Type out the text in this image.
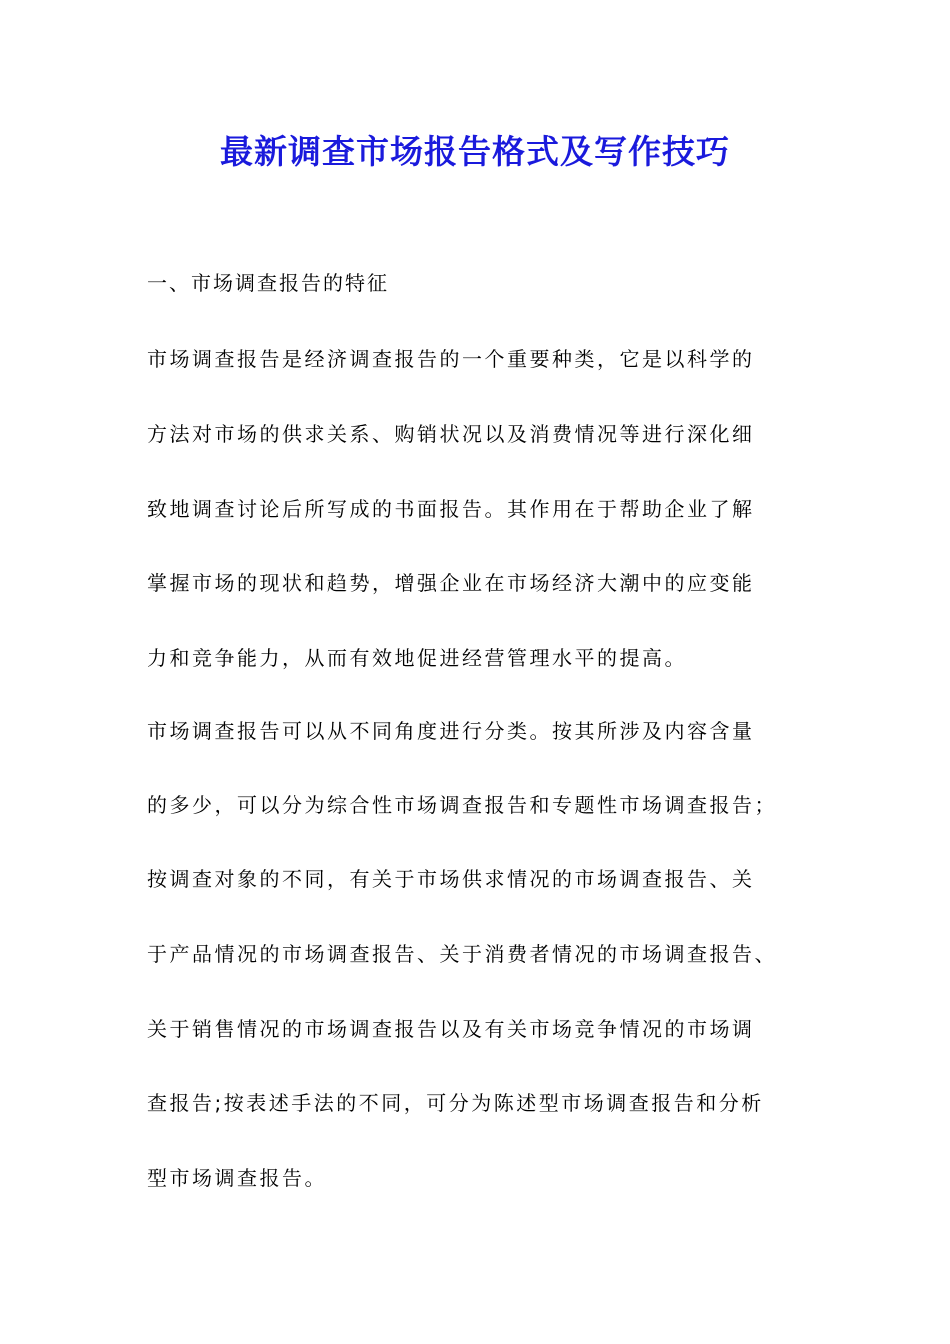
最新调查市场报告格式及写作技巧

一、市场调查报告的特征

市场调查报告是经济调查报告的一个重要种类，它是以科学的

方法对市场的供求关系、购销状况以及消费情况等进行深化细

致地调查讨论后所写成的书面报告。其作用在于帮助企业了解

掌握市场的现状和趋势，增强企业在市场经济大潮中的应变能

力和竞争能力，从而有效地促进经营管理水平的提高。

市场调查报告可以从不同角度进行分类。按其所涉及内容含量

的多少，可以分为综合性市场调查报告和专题性市场调查报告；

按调查对象的不同，有关于市场供求情况的市场调查报告、关

于产品情况的市场调查报告、关于消费者情况的市场调查报告、

关于销售情况的市场调查报告以及有关市场竞争情况的市场调

查报告;按表述手法的不同，可分为陈述型市场调查报告和分析

型市场调查报告。
